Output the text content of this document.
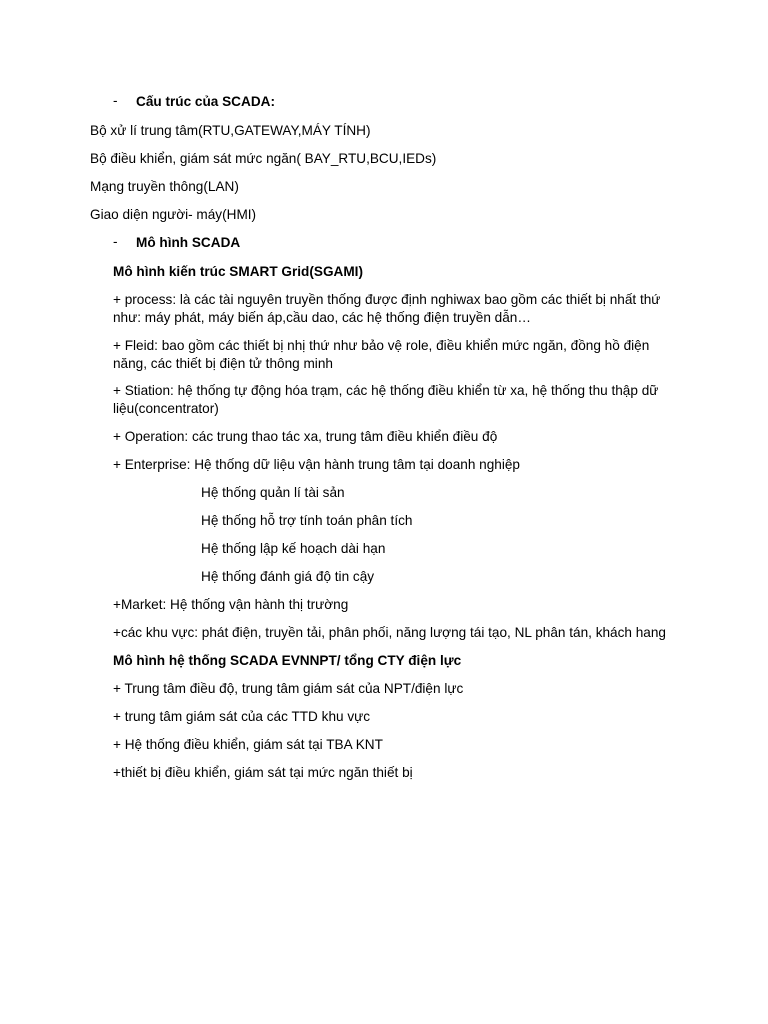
- Cấu trúc của SCADA:
Bộ xử lí trung tâm(RTU,GATEWAY,MÁY TÍNH)
Bộ điều khiển, giám sát mức ngăn( BAY_RTU,BCU,IEDs)
Mạng truyền thông(LAN)
Giao diện người- máy(HMI)
- Mô hình SCADA
Mô hình kiến trúc SMART Grid(SGAMI)
+ process: là các tài nguyên truyền thống được định nghiwax bao gồm các thiết bị nhất thứ như: máy phát, máy biến áp,cầu dao, các hệ thống điện truyền dẫn…
+ Fleid: bao gồm các thiết bị nhị thứ như bảo vệ role, điều khiển mức ngăn, đồng hồ điện năng, các thiết bị điện tử thông minh
+ Stiation: hệ thống tự động hóa trạm, các hệ thống điều khiển từ xa, hệ thống thu thập dữ liệu(concentrator)
+ Operation: các trung thao tác xa, trung tâm điều khiển điều độ
+ Enterprise: Hệ thống dữ liệu vận hành trung tâm tại doanh nghiệp
Hệ thống quản lí tài sản
Hệ thống hỗ trợ tính toán phân tích
Hệ thống lập kế hoạch dài hạn
Hệ thống đánh giá độ tin cậy
+Market: Hệ thống vận hành thị trường
+các khu vực: phát điện, truyền tải, phân phối, năng lượng tái tạo, NL phân tán, khách hang
Mô hình hệ thống SCADA EVNNPT/ tổng CTY điện lực
+ Trung tâm điều độ, trung tâm giám sát của NPT/điện lực
+ trung tâm giám sát của các TTD khu vực
+ Hệ thống điều khiển, giám sát tại TBA KNT
+thiết bị điều khiển, giám sát tại mức ngăn thiết bị
